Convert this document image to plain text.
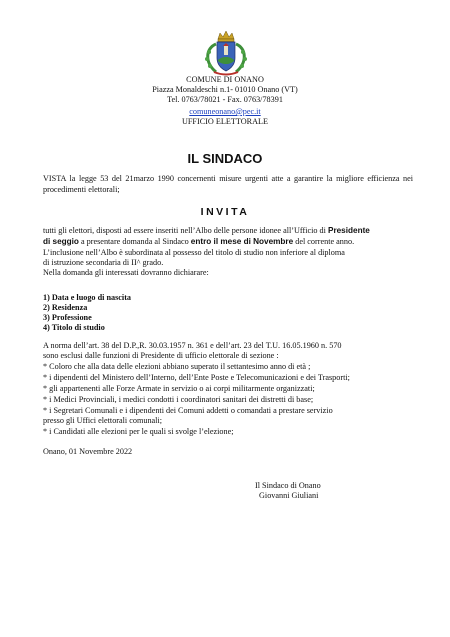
COMUNE DI ONANO
Piazza Monaldeschi n.1- 01010 Onano (VT)
Tel. 0763/78021 - Fax. 0763/78391
comuneonano@pec.it
UFFICIO ELETTORALE
IL SINDACO
VISTA la legge 53 del 21marzo 1990 concernenti misure urgenti atte a garantire la migliore efficienza nei procedimenti elettorali;
INVITA
tutti gli elettori, disposti ad essere inseriti nell’Albo delle persone idonee all’Ufficio di Presidente
di seggio a presentare domanda al Sindaco entro il mese di Novembre del corrente anno.
L’inclusione nell’Albo è subordinata al possesso del titolo di studio non inferiore al diploma
di istruzione secondaria di II^ grado.
Nella domanda gli interessati dovranno dichiarare:
1) Data e luogo di nascita
2) Residenza
3) Professione
4) Titolo di studio
A norma dell’art. 38 del D.P.,R. 30.03.1957 n. 361 e dell’art. 23 del T.U. 16.05.1960 n. 570
sono esclusi dalle funzioni di Presidente di ufficio elettorale di sezione :
* Coloro che alla data delle elezioni abbiano superato il settantesimo anno di età ;
* i dipendenti del Ministero dell’Interno, dell’Ente Poste e Telecomunicazioni e dei Trasporti;
* gli appartenenti alle Forze Armate in servizio o ai corpi militarmente organizzati;
* i Medici Provinciali, i medici condotti i coordinatori sanitari dei distretti di base;
* i Segretari Comunali e i dipendenti dei Comuni addetti o comandati a prestare servizio
presso gli Uffici elettorali comunali;
* i Candidati alle elezioni per le quali si svolge l’elezione;
Onano, 01 Novembre 2022
Il Sindaco di Onano
Giovanni Giuliani
